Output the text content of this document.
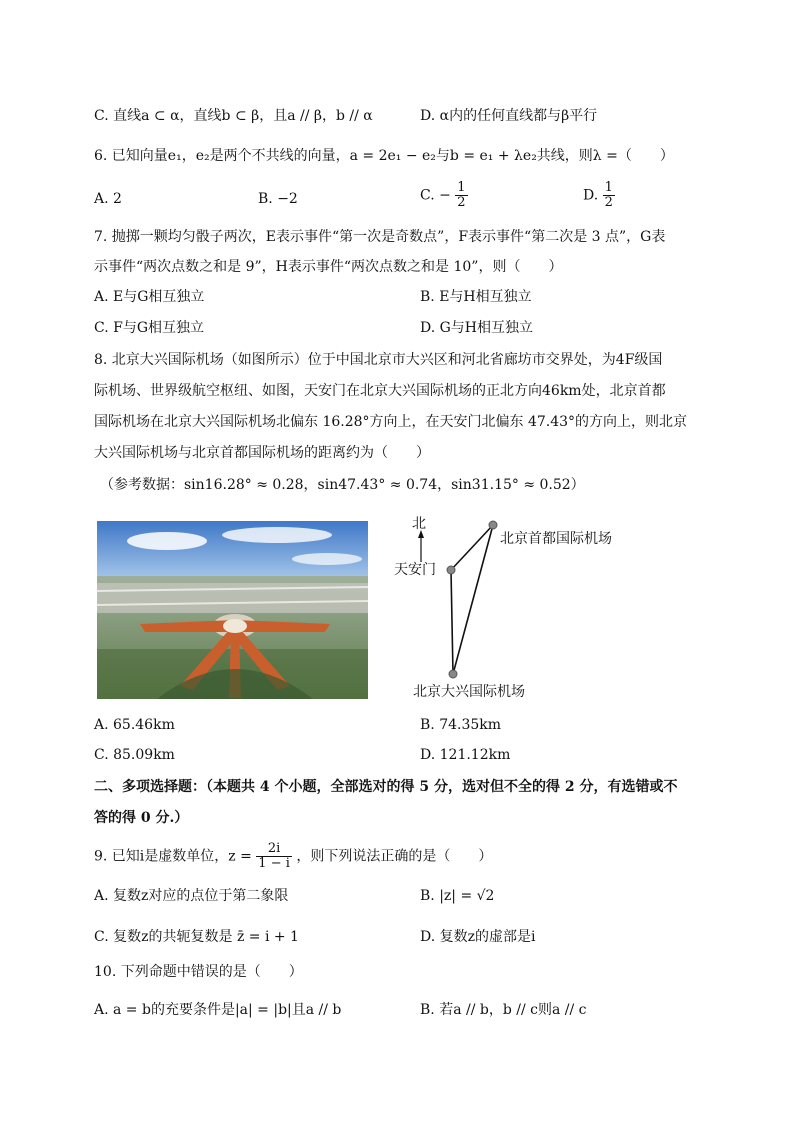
C. 直线a ⊂ α，直线b ⊂ β，且a // β，b // α	D. α内的任何直线都与β平行
6. 已知向量e₁，e₂是两个不共线的向量，a = 2e₁ − e₂与b = e₁ + λe₂共线，则λ =（　　）
A. 2	B. −2	C. − $\frac{1}{2}$	D. $\frac{1}{2}$
7. 抛掷一颗均匀骰子两次，E表示事件“第一次是奇数点”，F表示事件“第二次是 3 点”，G表
示事件“两次点数之和是 9”，H表示事件“两次点数之和是 10”，则（　　）
A. E与G相互独立	B. E与H相互独立
C. F与G相互独立	D. G与H相互独立
8. 北京大兴国际机场（如图所示）位于中国北京市大兴区和河北省廊坊市交界处，为4F级国
际机场、世界级航空枢纽、如图，天安门在北京大兴国际机场的正北方向46km处，北京首都
国际机场在北京大兴国际机场北偏东 16.28°方向上，在天安门北偏东 47.43°的方向上，则北京
大兴国际机场与北京首都国际机场的距离约为（　　）
（参考数据：sin16.28° ≈ 0.28，sin47.43° ≈ 0.74，sin31.15° ≈ 0.52）
北
天安门
北京首都国际机场
北京大兴国际机场
A. 65.46km	B. 74.35km
C. 85.09km	D. 121.12km
二、多项选择题：（本题共 4 个小题，全部选对的得 5 分，选对但不全的得 2 分，有选错或不
答的得 0 分.）
9. 已知i是虚数单位，$z = \frac{2i}{1 - i}$ ，则下列说法正确的是（　　）
A. 复数z对应的点位于第二象限	B. |z| = √2
C. 复数z的共轭复数是 z̄ = i + 1	D. 复数z的虚部是i
10. 下列命题中错误的是（　　）
A. a = b的充要条件是|a| = |b|且a // b	B. 若a // b，b // c则a // c
